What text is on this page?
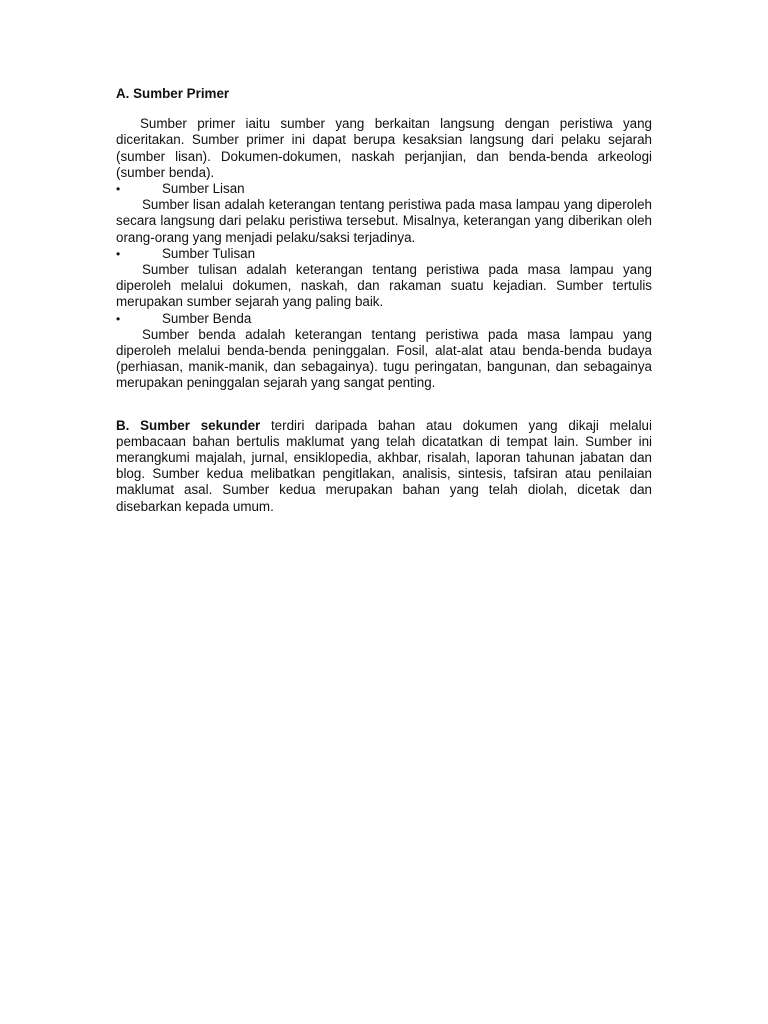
A. Sumber Primer

Sumber primer iaitu sumber yang berkaitan langsung dengan peristiwa yang diceritakan. Sumber primer ini dapat berupa kesaksian langsung dari pelaku sejarah (sumber lisan). Dokumen-dokumen, naskah perjanjian, dan benda-benda arkeologi (sumber benda).

•	Sumber Lisan

Sumber lisan adalah keterangan tentang peristiwa pada masa lampau yang diperoleh secara langsung dari pelaku peristiwa tersebut. Misalnya, keterangan yang diberikan oleh orang-orang yang menjadi pelaku/saksi terjadinya.

•	Sumber Tulisan

Sumber tulisan adalah keterangan tentang peristiwa pada masa lampau yang diperoleh melalui dokumen, naskah, dan rakaman suatu kejadian. Sumber tertulis merupakan sumber sejarah yang paling baik.

•	Sumber Benda

Sumber benda adalah keterangan tentang peristiwa pada masa lampau yang diperoleh melalui benda-benda peninggalan. Fosil, alat-alat atau benda-benda budaya (perhiasan, manik-manik, dan sebagainya). tugu peringatan, bangunan, dan sebagainya merupakan peninggalan sejarah yang sangat penting.

B. Sumber sekunder terdiri daripada bahan atau dokumen yang dikaji melalui pembacaan bahan bertulis maklumat yang telah dicatatkan di tempat lain. Sumber ini merangkumi majalah, jurnal, ensiklopedia, akhbar, risalah, laporan tahunan jabatan dan blog. Sumber kedua melibatkan pengitlakan, analisis, sintesis, tafsiran atau penilaian maklumat asal. Sumber kedua merupakan bahan yang telah diolah, dicetak dan disebarkan kepada umum.
